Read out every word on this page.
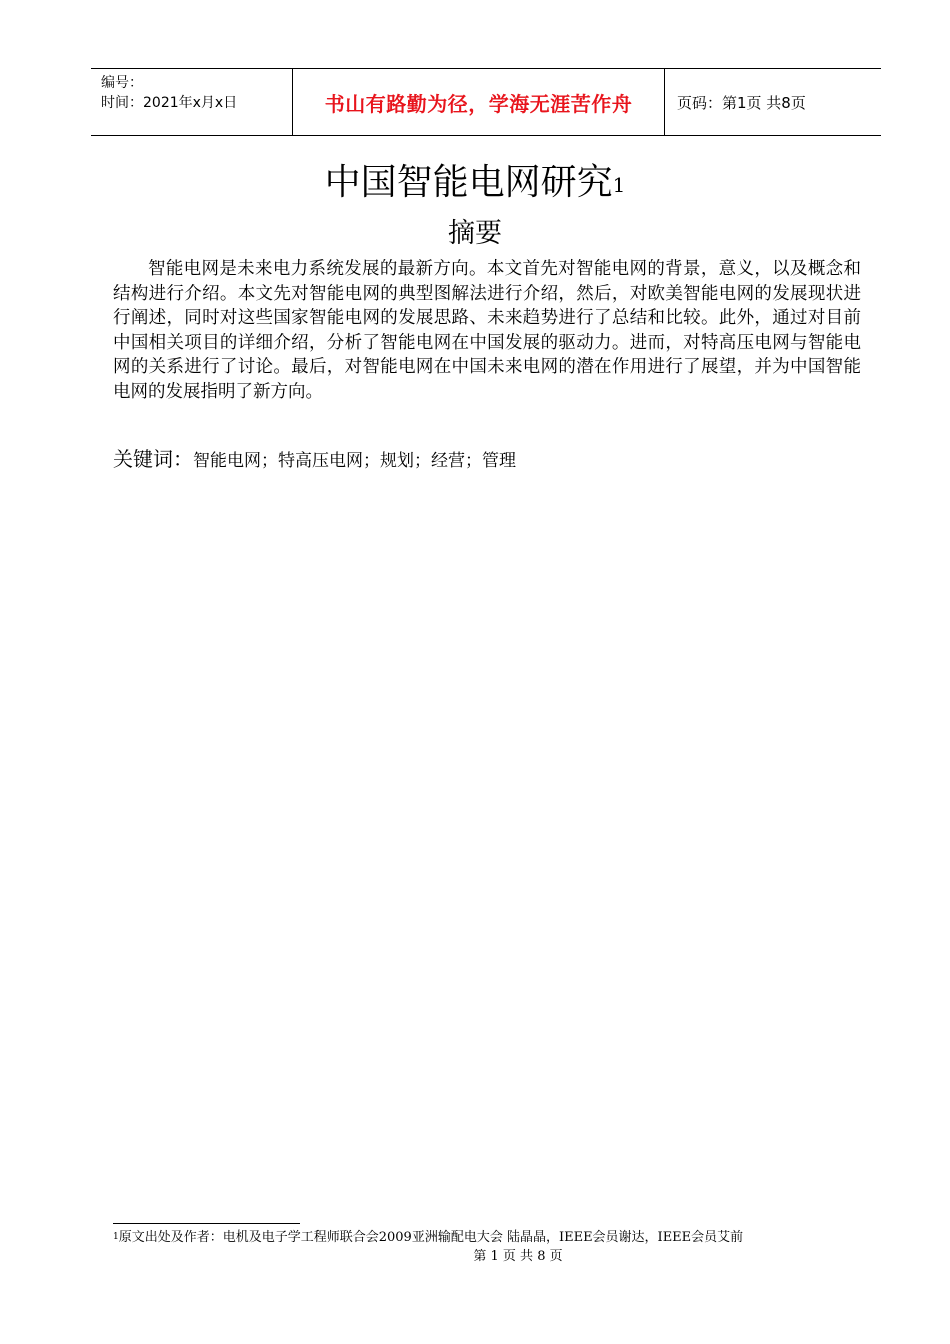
编号：
时间：2021年x月x日	书山有路勤为径，学海无涯苦作舟	页码：第1页 共8页
中国智能电网研究$^1$
摘要

智能电网是未来电力系统发展的最新方向。本文首先对智能电网的背景，意义，以及概念和结构进行介绍。本文先对智能电网的典型图解法进行介绍，然后，对欧美智能电网的发展现状进行阐述，同时对这些国家智能电网的发展思路、未来趋势进行了总结和比较。此外，通过对目前中国相关项目的详细介绍，分析了智能电网在中国发展的驱动力。进而，对特高压电网与智能电网的关系进行了讨论。最后，对智能电网在中国未来电网的潜在作用进行了展望，并为中国智能电网的发展指明了新方向。

关键词：智能电网；特高压电网；规划；经营；管理
$^1$原文出处及作者：电机及电子学工程师联合会2009亚洲输配电大会 陆晶晶，IEEE会员谢达，IEEE会员艾前
第 1 页 共 8 页
